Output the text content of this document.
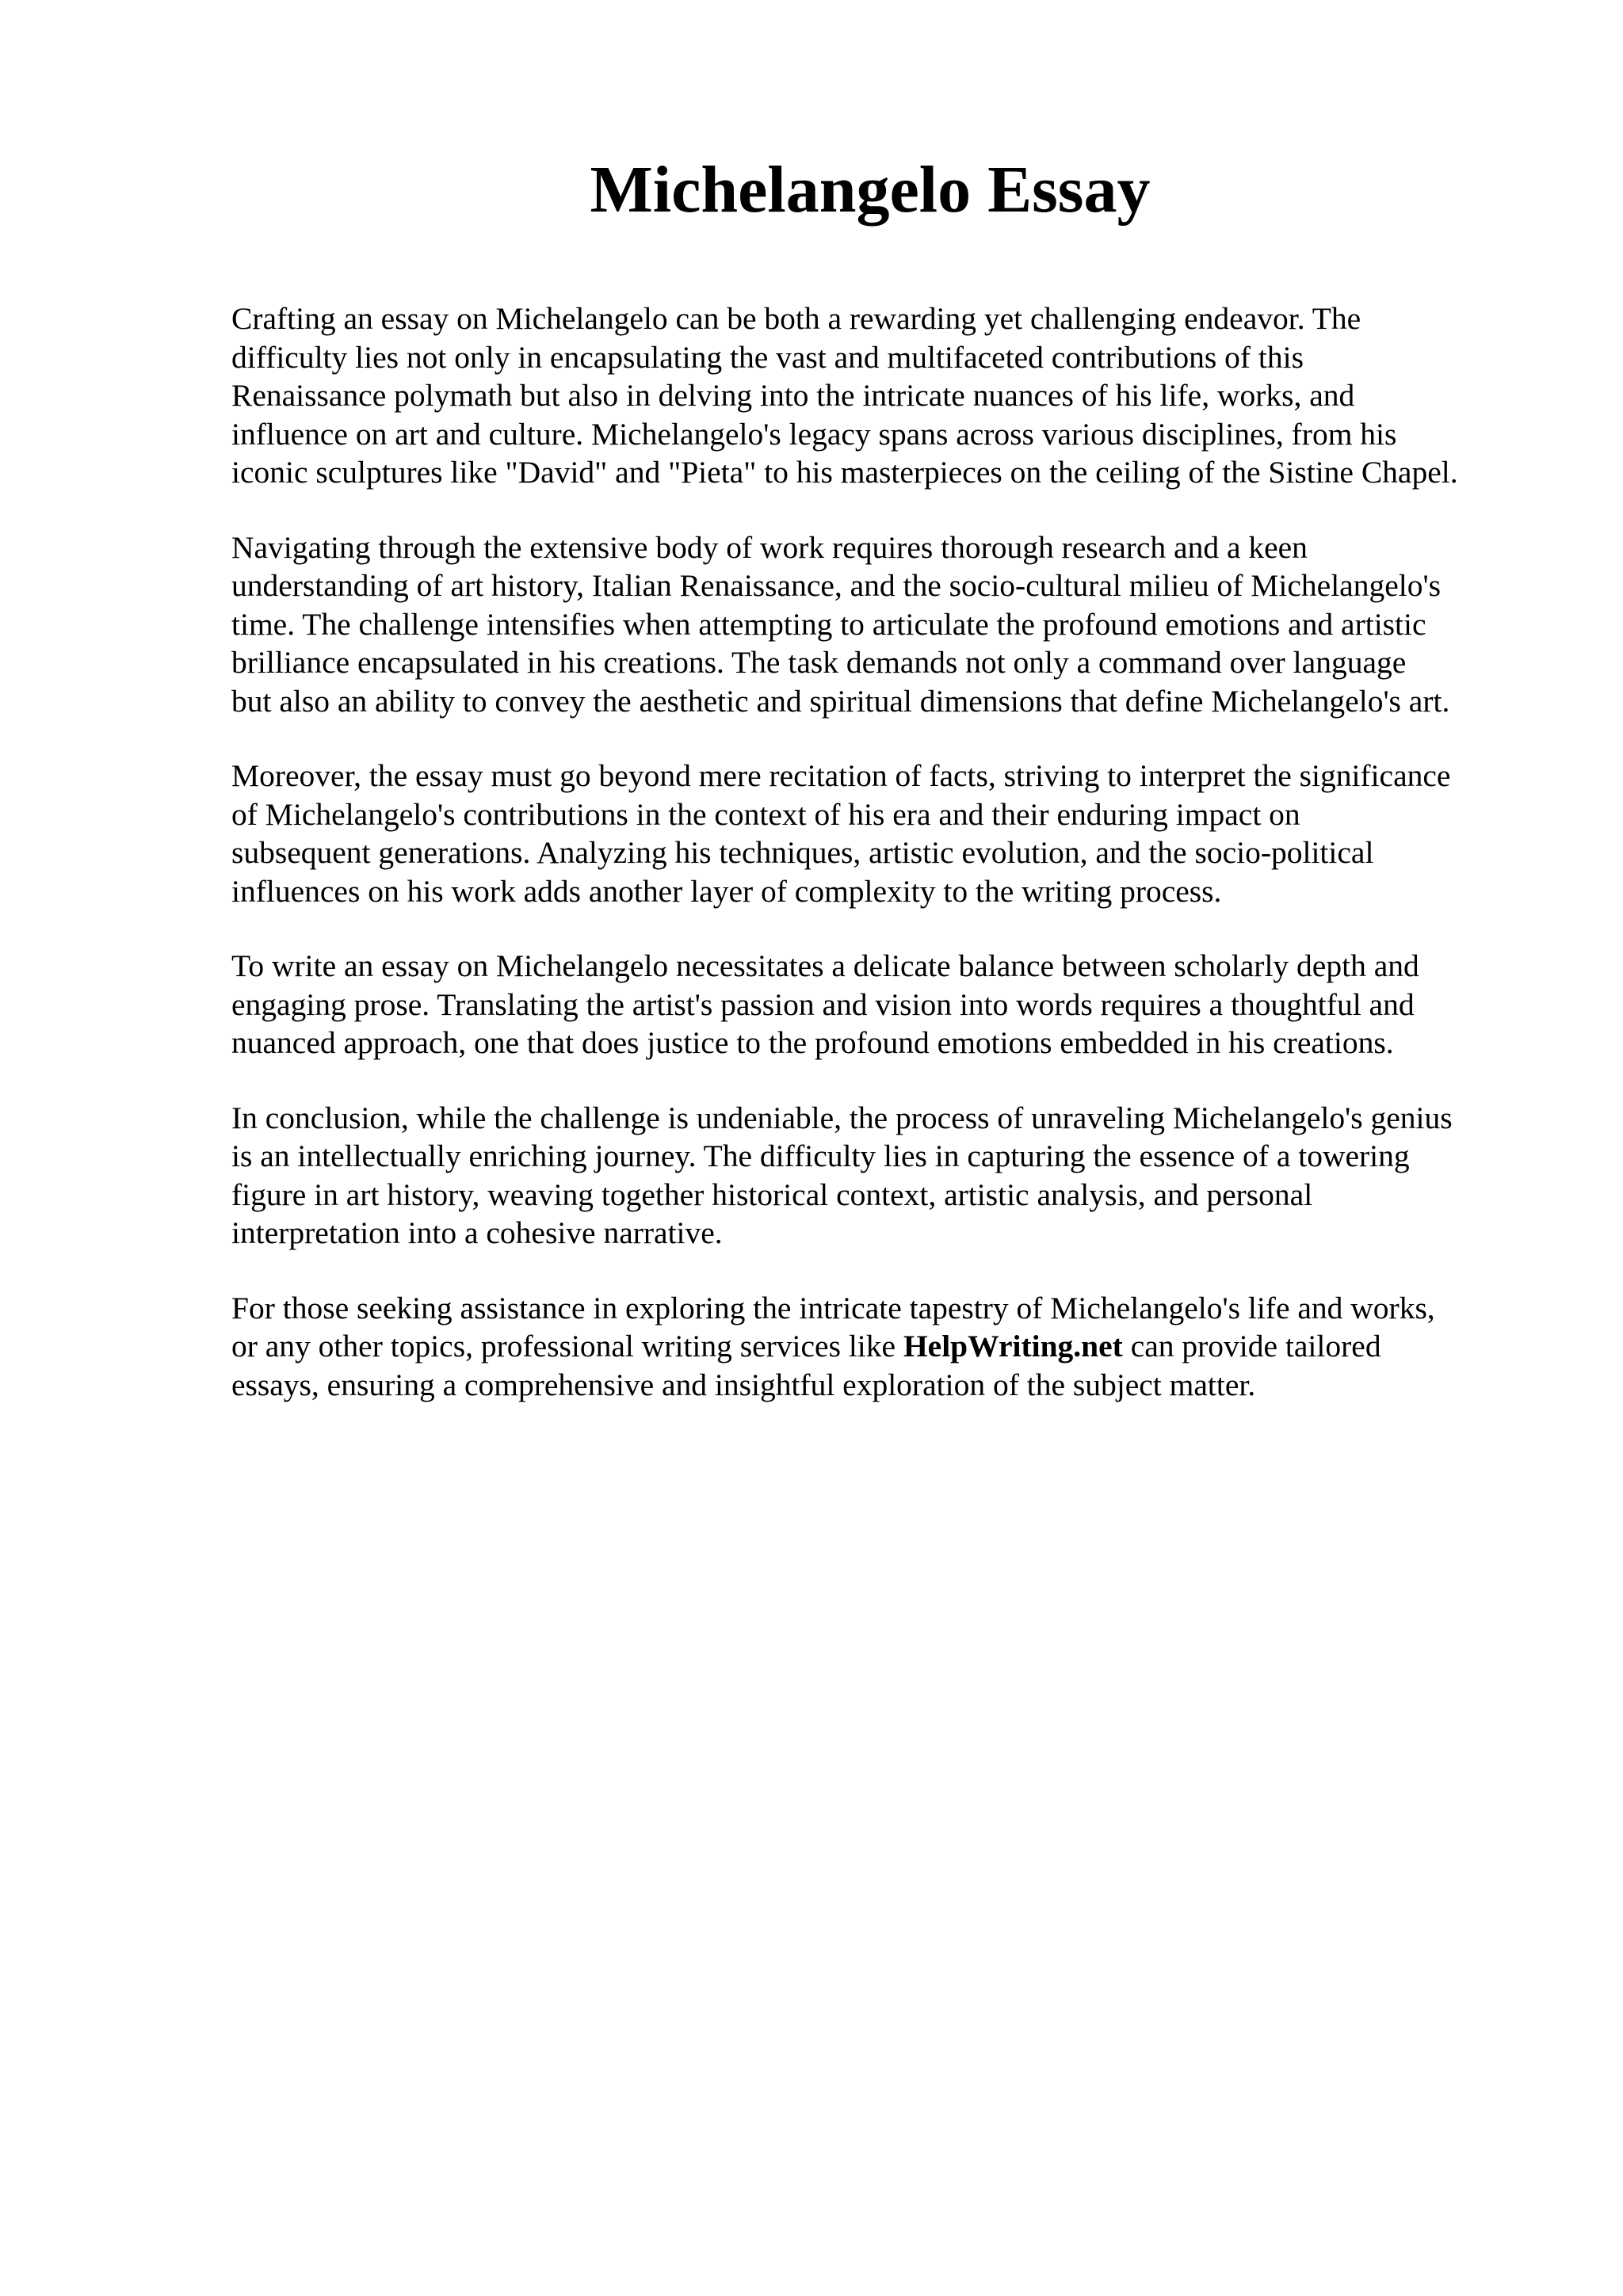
Michelangelo Essay

Crafting an essay on Michelangelo can be both a rewarding yet challenging endeavor. The
difficulty lies not only in encapsulating the vast and multifaceted contributions of this
Renaissance polymath but also in delving into the intricate nuances of his life, works, and
influence on art and culture. Michelangelo's legacy spans across various disciplines, from his
iconic sculptures like "David" and "Pieta" to his masterpieces on the ceiling of the Sistine Chapel.

Navigating through the extensive body of work requires thorough research and a keen
understanding of art history, Italian Renaissance, and the socio-cultural milieu of Michelangelo's
time. The challenge intensifies when attempting to articulate the profound emotions and artistic
brilliance encapsulated in his creations. The task demands not only a command over language
but also an ability to convey the aesthetic and spiritual dimensions that define Michelangelo's art.

Moreover, the essay must go beyond mere recitation of facts, striving to interpret the significance
of Michelangelo's contributions in the context of his era and their enduring impact on
subsequent generations. Analyzing his techniques, artistic evolution, and the socio-political
influences on his work adds another layer of complexity to the writing process.

To write an essay on Michelangelo necessitates a delicate balance between scholarly depth and
engaging prose. Translating the artist's passion and vision into words requires a thoughtful and
nuanced approach, one that does justice to the profound emotions embedded in his creations.

In conclusion, while the challenge is undeniable, the process of unraveling Michelangelo's genius
is an intellectually enriching journey. The difficulty lies in capturing the essence of a towering
figure in art history, weaving together historical context, artistic analysis, and personal
interpretation into a cohesive narrative.

For those seeking assistance in exploring the intricate tapestry of Michelangelo's life and works,
or any other topics, professional writing services like HelpWriting.net can provide tailored
essays, ensuring a comprehensive and insightful exploration of the subject matter.
